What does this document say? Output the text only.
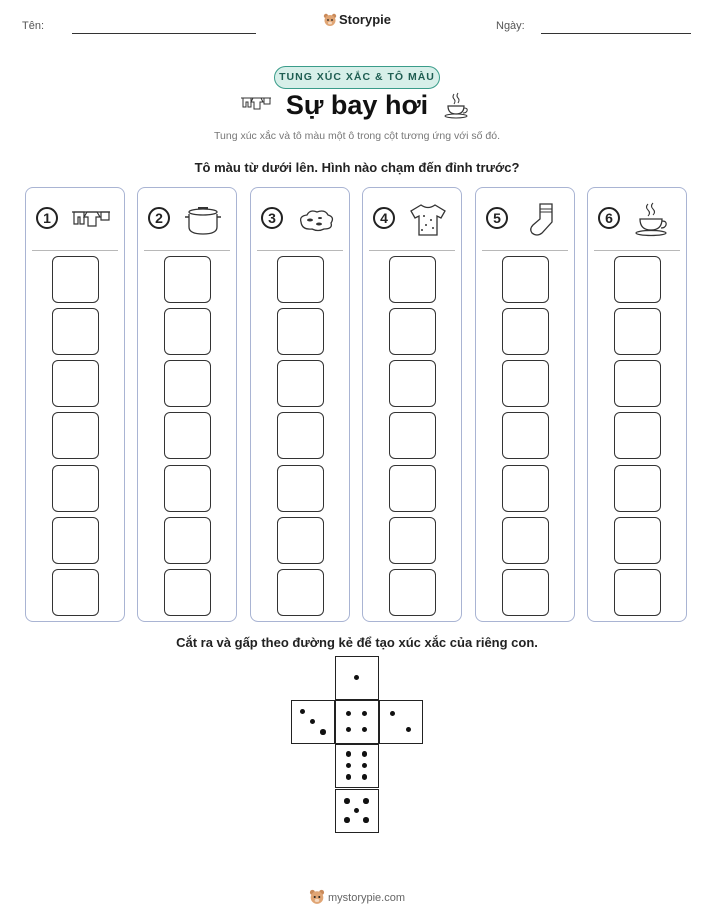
Tên:	Storypie	Ngày:
TUNG XÚC XẮC & TÔ MÀU
Sự bay hơi
Tung xúc xắc và tô màu một ô trong cột tương ứng với số đó.
Tô màu từ dưới lên. Hình nào chạm đến đỉnh trước?
1	2	3	4	5	6
Cắt ra và gấp theo đường kẻ để tạo xúc xắc của riêng con.
mystorypie.com
